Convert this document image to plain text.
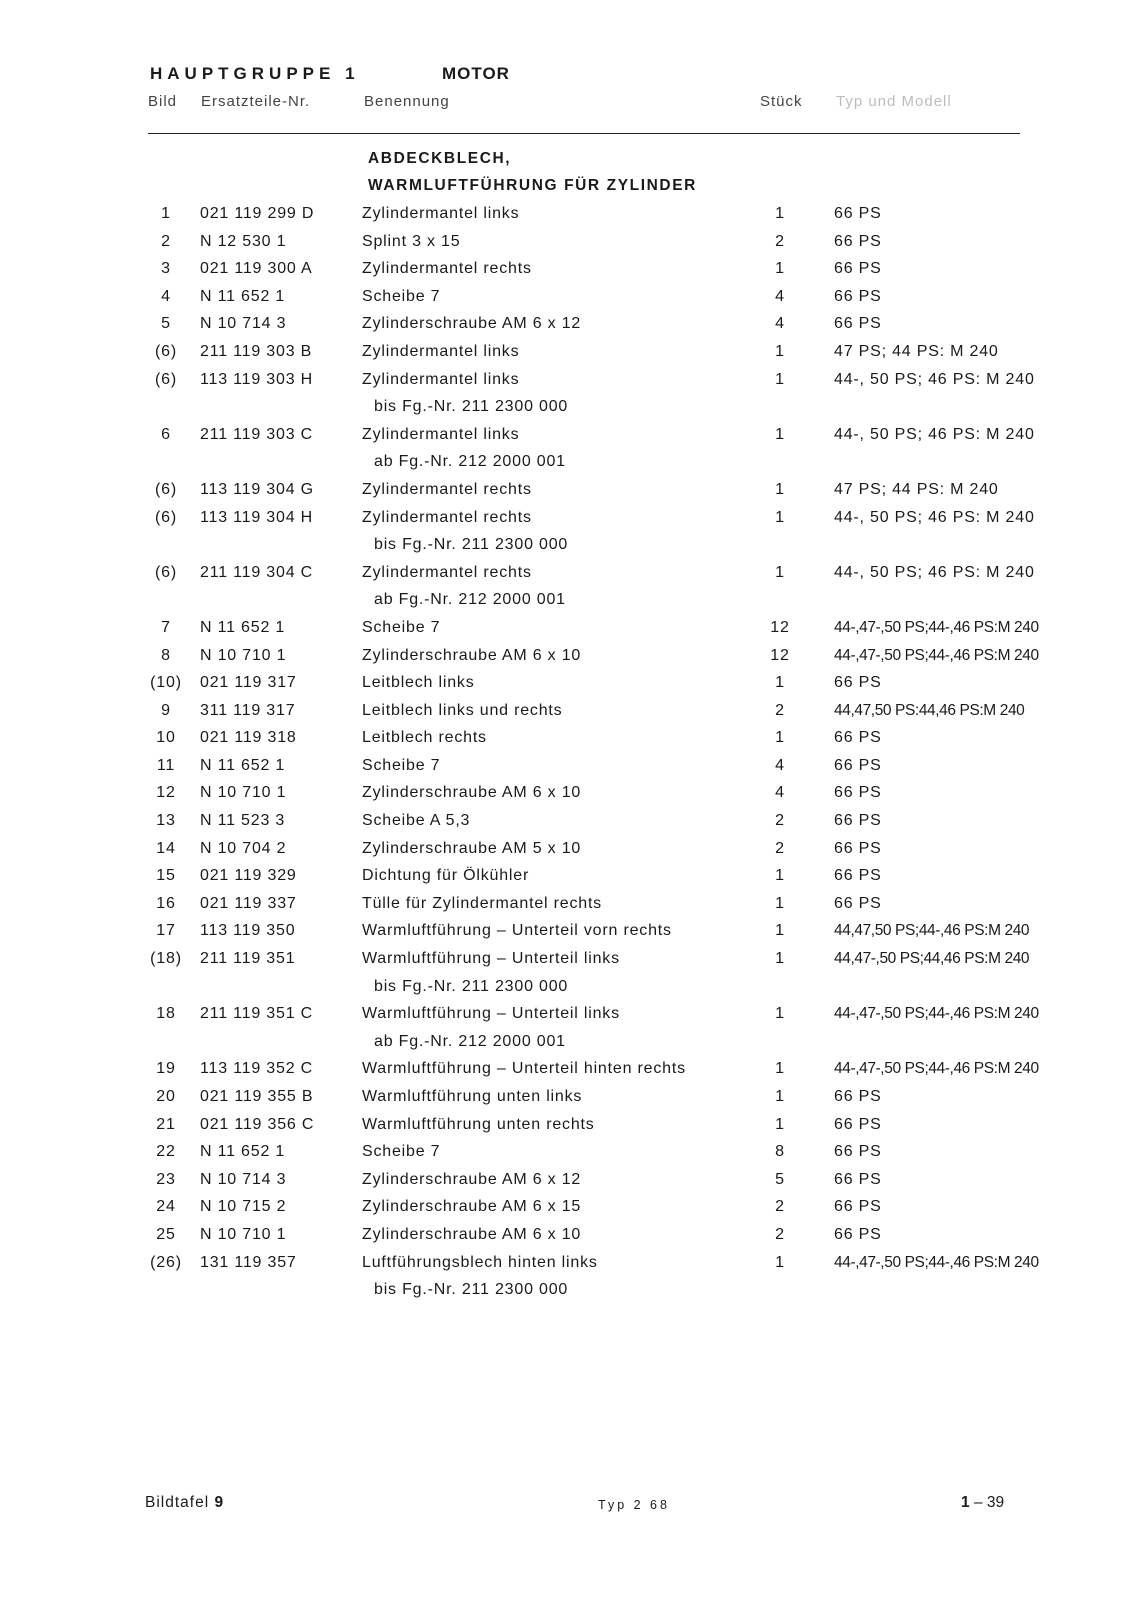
HAUPTGRUPPE 1	MOTOR
Bild Ersatzteile-Nr.	Benennung	Stück Typ und Modell
ABDECKBLECH,
WARMLUFTFÜHRUNG FÜR ZYLINDER
1	021 119 299 D	Zylindermantel links	1	66 PS
2	N 12 530 1	Splint 3 x 15	2	66 PS
3	021 119 300 A	Zylindermantel rechts	1	66 PS
4	N 11 652 1	Scheibe 7	4	66 PS
5	N 10 714 3	Zylinderschraube AM 6 x 12	4	66 PS
(6)	211 119 303 B	Zylindermantel links	1	47 PS; 44 PS: M 240
(6)	113 119 303 H	Zylindermantel links	1	44-, 50 PS; 46 PS: M 240
bis Fg.-Nr. 211 2300 000
6	211 119 303 C	Zylindermantel links	1	44-, 50 PS; 46 PS: M 240
ab Fg.-Nr. 212 2000 001
(6)	113 119 304 G	Zylindermantel rechts	1	47 PS; 44 PS: M 240
(6)	113 119 304 H	Zylindermantel rechts	1	44-, 50 PS; 46 PS: M 240
bis Fg.-Nr. 211 2300 000
(6)	211 119 304 C	Zylindermantel rechts	1	44-, 50 PS; 46 PS: M 240
ab Fg.-Nr. 212 2000 001
7	N 11 652 1	Scheibe 7	12	44-,47-,50 PS;44-,46 PS:M 240
8	N 10 710 1	Zylinderschraube AM 6 x 10	12	44-,47-,50 PS;44-,46 PS:M 240
(10) 021 119 317	Leitblech links	1	66 PS
9	311 119 317	Leitblech links und rechts	2	44,47,50 PS:44,46 PS:M 240
10	021 119 318	Leitblech rechts	1	66 PS
11	N 11 652 1	Scheibe 7	4	66 PS
12	N 10 710 1	Zylinderschraube AM 6 x 10	4	66 PS
13	N 11 523 3	Scheibe A 5,3	2	66 PS
14	N 10 704 2	Zylinderschraube AM 5 x 10	2	66 PS
15	021 119 329	Dichtung für Ölkühler	1	66 PS
16	021 119 337	Tülle für Zylindermantel rechts	1	66 PS
17	113 119 350	Warmluftführung – Unterteil vorn rechts	1	44,47,50 PS;44-,46 PS:M 240
(18) 211 119 351	Warmluftführung – Unterteil links	1	44,47-,50 PS;44,46 PS:M 240
bis Fg.-Nr. 211 2300 000
18	211 119 351 C	Warmluftführung – Unterteil links	1	44-,47-,50 PS;44-,46 PS:M 240
ab Fg.-Nr. 212 2000 001
19	113 119 352 C	Warmluftführung – Unterteil hinten rechts	1	44-,47-,50 PS;44-,46 PS:M 240
20	021 119 355 B	Warmluftführung unten links	1	66 PS
21	021 119 356 C	Warmluftführung unten rechts	1	66 PS
22	N 11 652 1	Scheibe 7	8	66 PS
23	N 10 714 3	Zylinderschraube AM 6 x 12	5	66 PS
24	N 10 715 2	Zylinderschraube AM 6 x 15	2	66 PS
25	N 10 710 1	Zylinderschraube AM 6 x 10	2	66 PS
(26) 131 119 357	Luftführungsblech hinten links	1	44-,47-,50 PS;44-,46 PS:M 240
bis Fg.-Nr. 211 2300 000
Bildtafel 9	Typ 2 68	1 – 39
